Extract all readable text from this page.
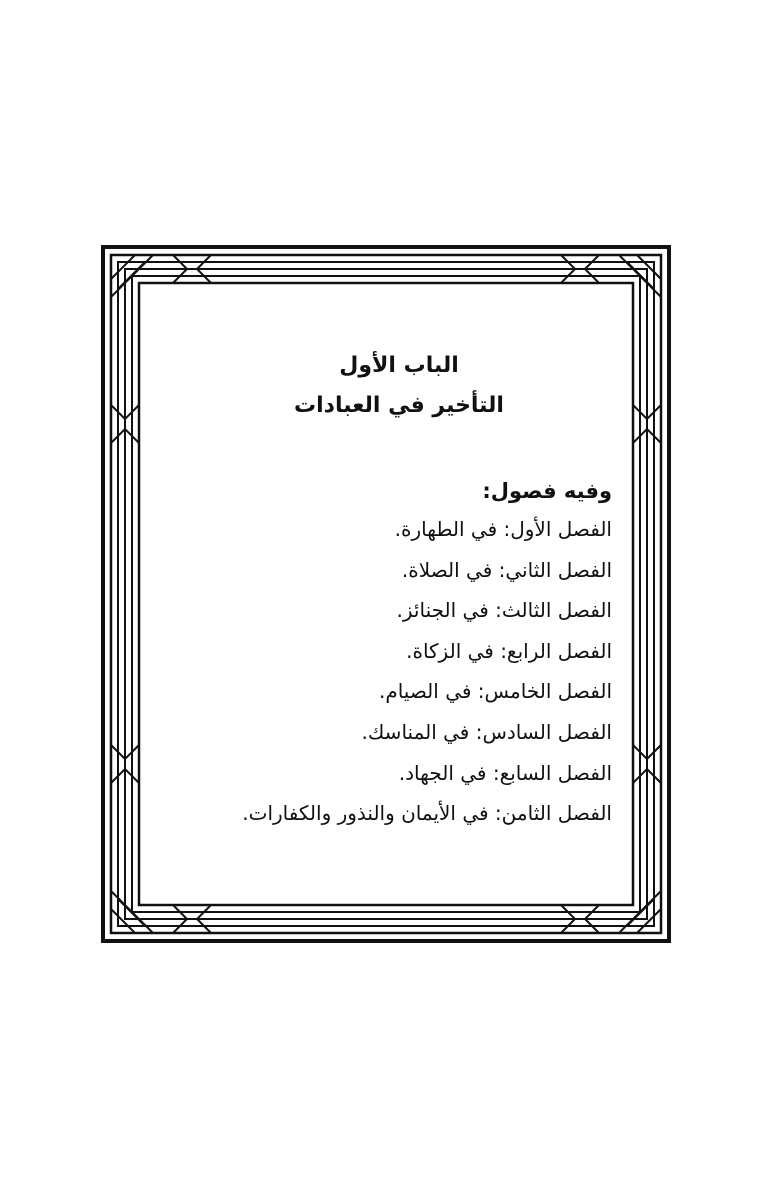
الباب الأول
التأخير في العبادات
وفيه فصول:
الفصل الأول: في الطهارة.
الفصل الثاني: في الصلاة.
الفصل الثالث: في الجنائز.
الفصل الرابع: في الزكاة.
الفصل الخامس: في الصيام.
الفصل السادس: في المناسك.
الفصل السابع: في الجهاد.
الفصل الثامن: في الأيمان والنذور والكفارات.
